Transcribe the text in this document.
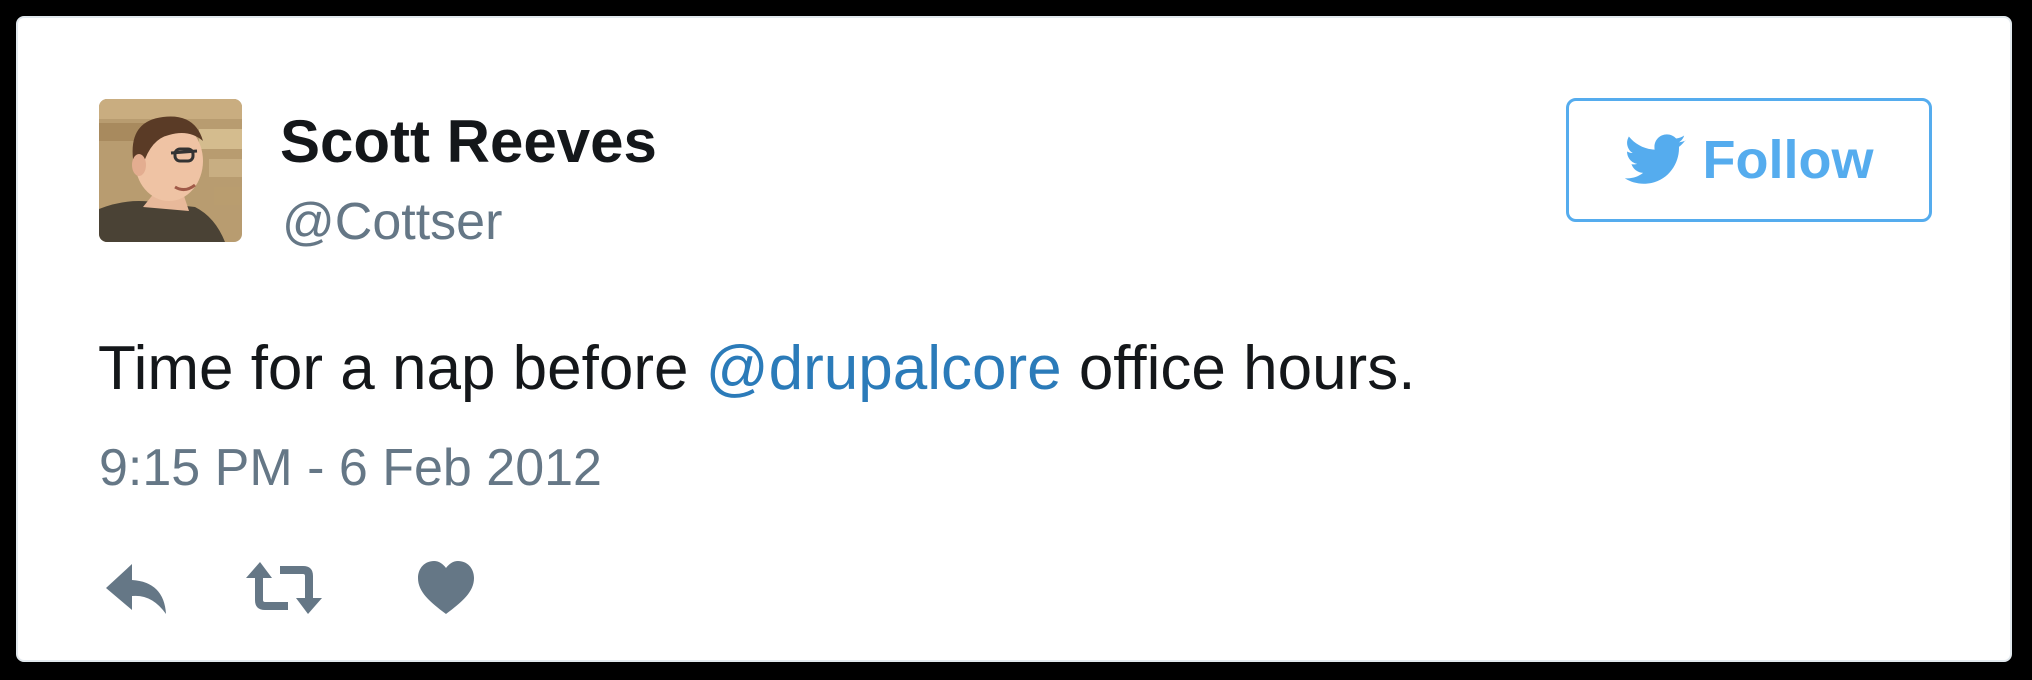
Scott Reeves
@Cottser
Follow
Time for a nap before @drupalcore office hours.
9:15 PM - 6 Feb 2012
